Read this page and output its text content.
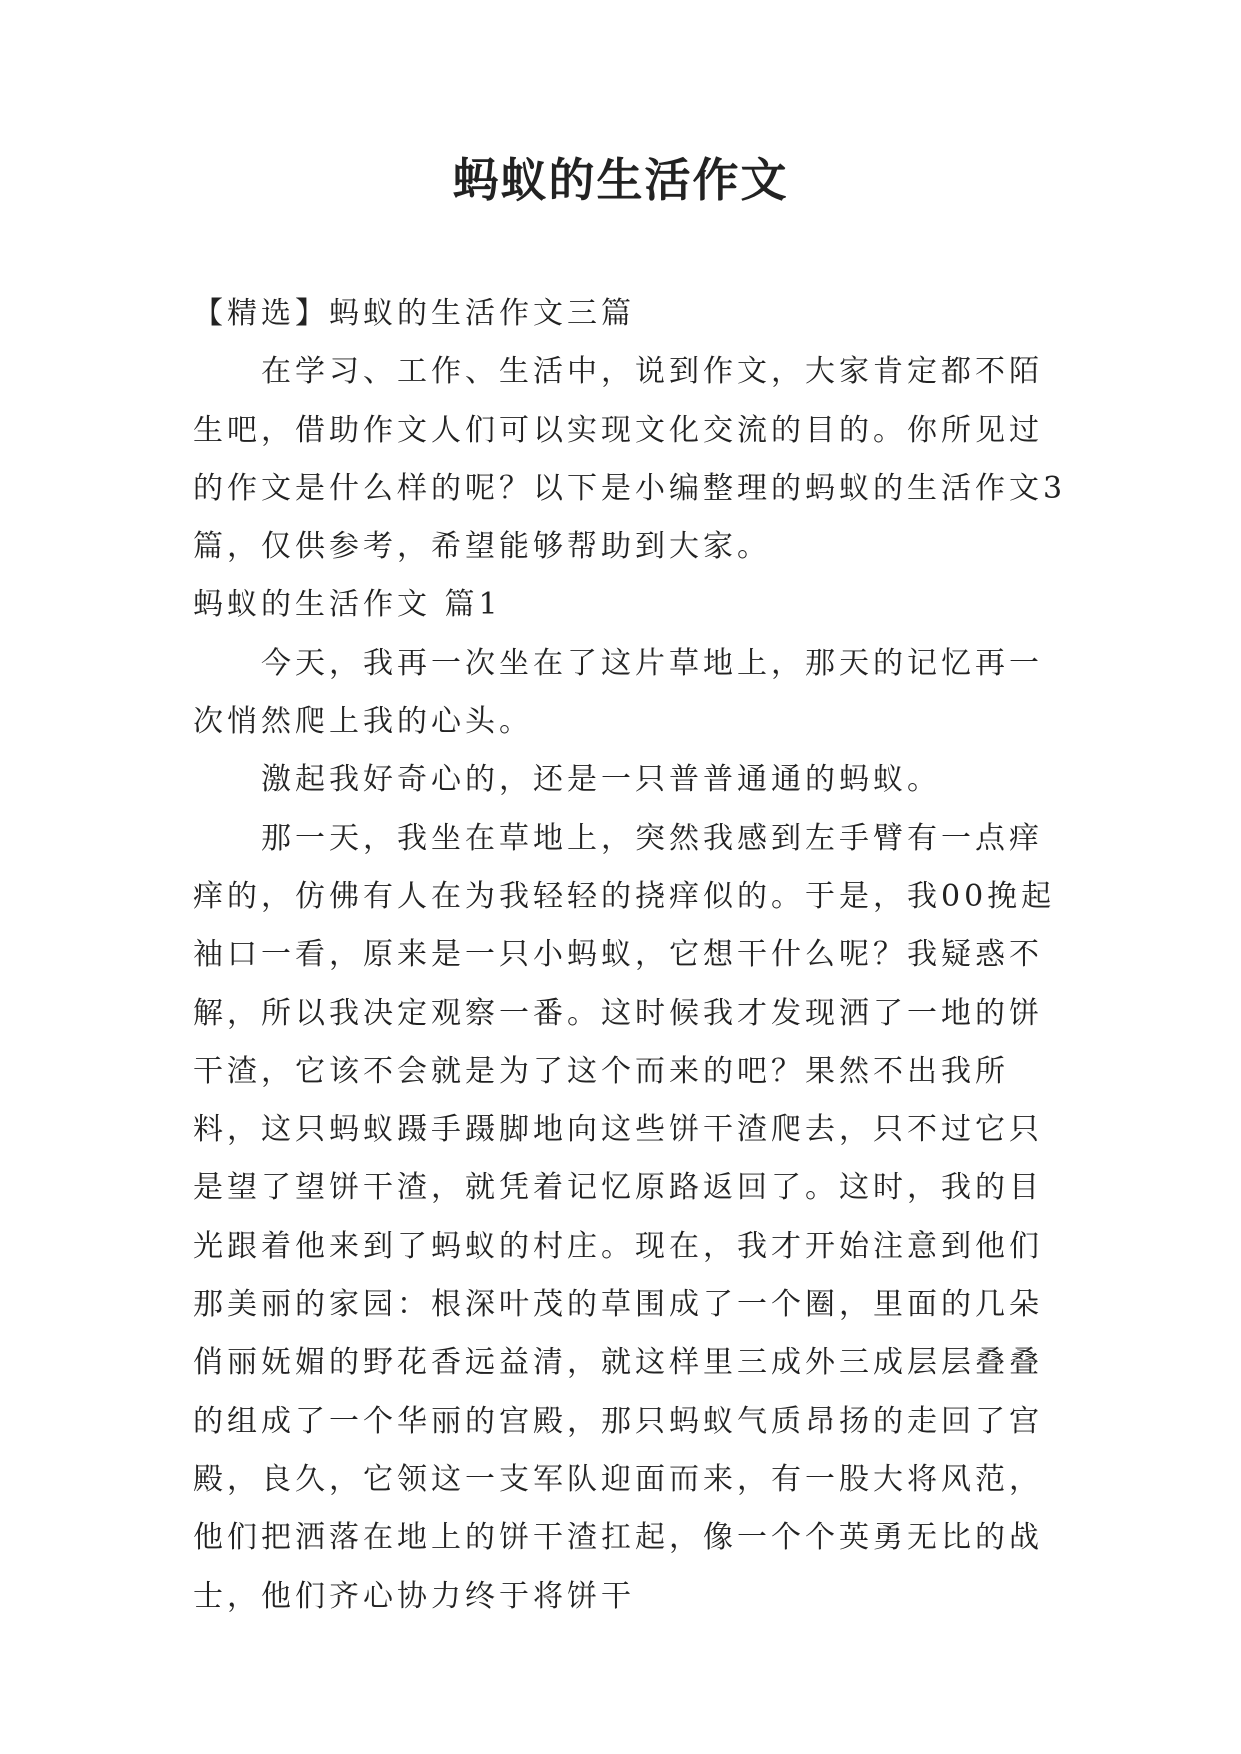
蚂蚁的生活作文

【精选】蚂蚁的生活作文三篇

在学习、工作、生活中，说到作文，大家肯定都不陌生吧，借助作文人们可以实现文化交流的目的。你所见过的作文是什么样的呢？以下是小编整理的蚂蚁的生活作文3篇，仅供参考，希望能够帮助到大家。

蚂蚁的生活作文 篇1

今天，我再一次坐在了这片草地上，那天的记忆再一次悄然爬上我的心头。

激起我好奇心的，还是一只普普通通的蚂蚁。

那一天，我坐在草地上，突然我感到左手臂有一点痒痒的，仿佛有人在为我轻轻的挠痒似的。于是，我00挽起袖口一看，原来是一只小蚂蚁，它想干什么呢？我疑惑不解，所以我决定观察一番。这时候我才发现洒了一地的饼干渣，它该不会就是为了这个而来的吧？果然不出我所料，这只蚂蚁蹑手蹑脚地向这些饼干渣爬去，只不过它只是望了望饼干渣，就凭着记忆原路返回了。这时，我的目光跟着他来到了蚂蚁的村庄。现在，我才开始注意到他们那美丽的家园：根深叶茂的草围成了一个圈，里面的几朵俏丽妩媚的野花香远益清，就这样里三成外三成层层叠叠的组成了一个华丽的宫殿，那只蚂蚁气质昂扬的走回了宫殿，良久，它领这一支军队迎面而来，有一股大将风范，他们把洒落在地上的饼干渣扛起，像一个个英勇无比的战士，他们齐心协力终于将饼干
